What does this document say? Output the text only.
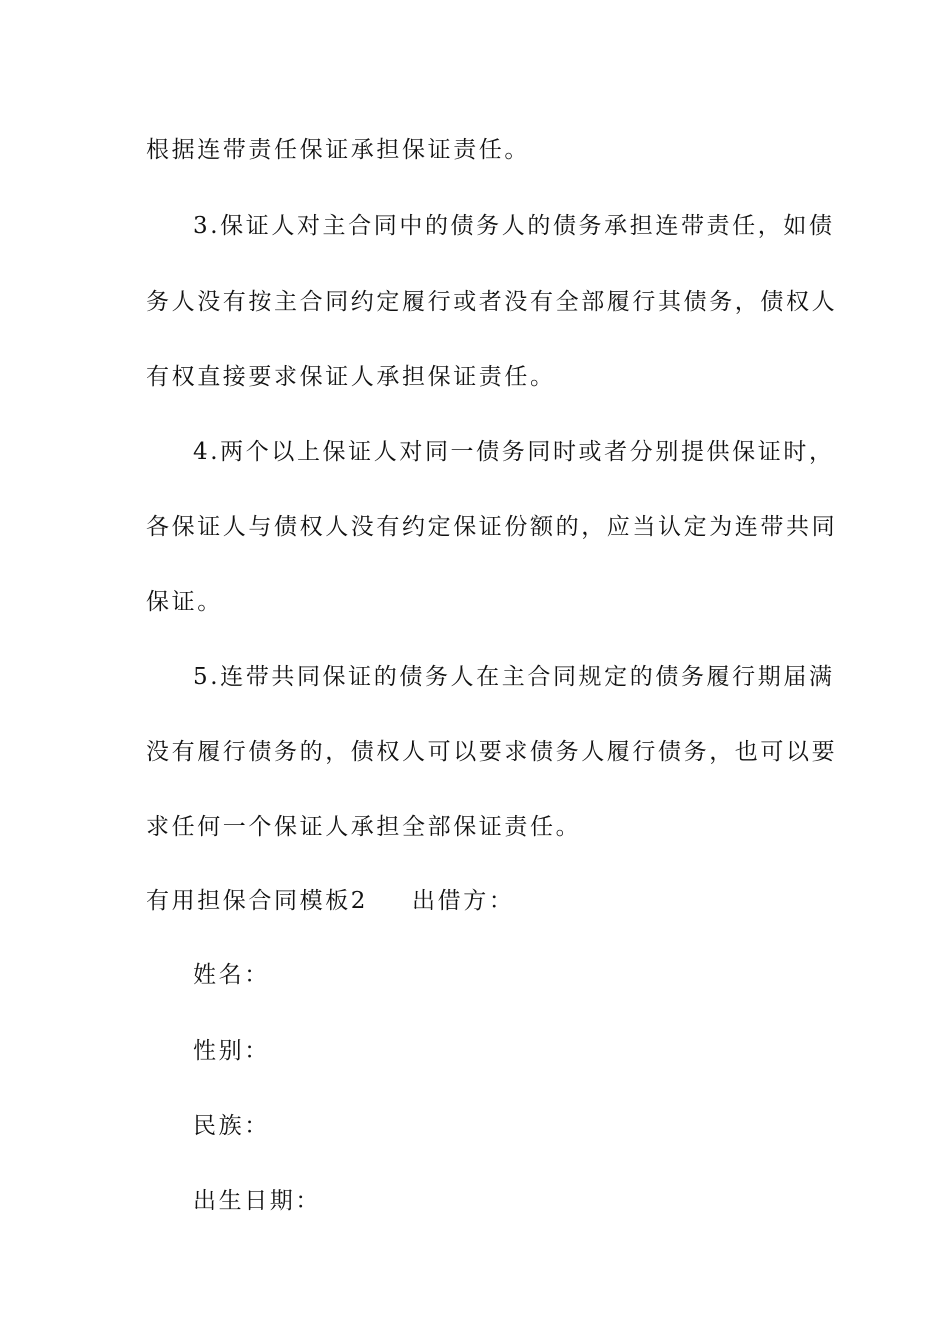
根据连带责任保证承担保证责任。
3.保证人对主合同中的债务人的债务承担连带责任，如债
务人没有按主合同约定履行或者没有全部履行其债务，债权人
有权直接要求保证人承担保证责任。
4.两个以上保证人对同一债务同时或者分别提供保证时，
各保证人与债权人没有约定保证份额的，应当认定为连带共同
保证。
5.连带共同保证的债务人在主合同规定的债务履行期届满
没有履行债务的，债权人可以要求债务人履行债务，也可以要
求任何一个保证人承担全部保证责任。
有用担保合同模板2 出借方：
姓名：
性别：
民族：
出生日期：
